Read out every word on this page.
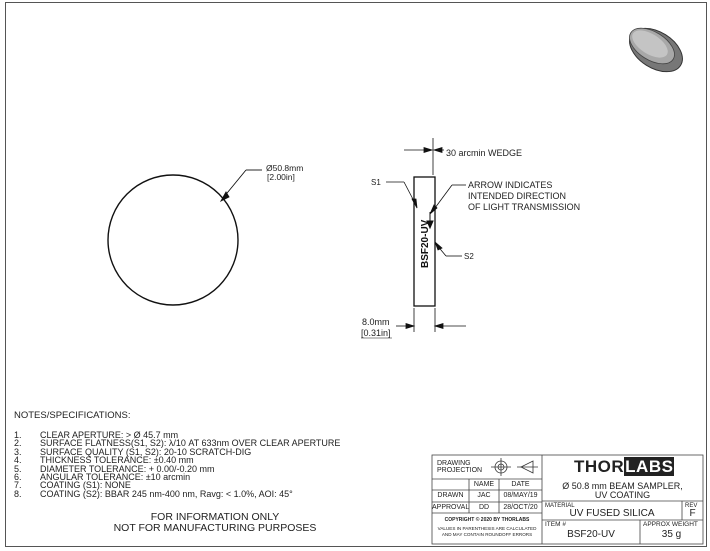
BSF20-UV
Ø50.8mm
[2.00in]
30 arcmin WEDGE
S1
S2
ARROW INDICATES
INTENDED DIRECTION
OF LIGHT TRANSMISSION
8.0mm
[0.31in]
NOTES/SPECIFICATIONS:
1. CLEAR APERTURE: > Ø 45.7 mm
2. SURFACE FLATNESS(S1, S2): λ/10 AT 633nm OVER CLEAR APERTURE
3. SURFACE QUALITY (S1, S2): 20-10 SCRATCH-DIG
4. THICKNESS TOLERANCE: ±0.40 mm
5. DIAMETER TOLERANCE: + 0.00/-0.20 mm
6. ANGULAR TOLERANCE: ±10 arcmin
7. COATING (S1): NONE
8. COATING (S2): BBAR 245 nm-400 nm, Ravg: < 1.0%, AOI: 45°
FOR INFORMATION ONLY
NOT FOR MANUFACTURING PURPOSES
DRAWING
PROJECTION
NAME	DATE
DRAWN	JAC	08/MAY/19
APPROVAL	DD	28/OCT/20
COPYRIGHT © 2020 BY THORLABS
VALUES IN PARENTHESIS ARE CALCULATED
AND MAY CONTAIN ROUNDOFF ERRORS
THORLABS
Ø 50.8 mm BEAM SAMPLER,
UV COATING
MATERIAL
UV FUSED SILICA
REV
F
ITEM #
BSF20-UV
APPROX WEIGHT
35 g
